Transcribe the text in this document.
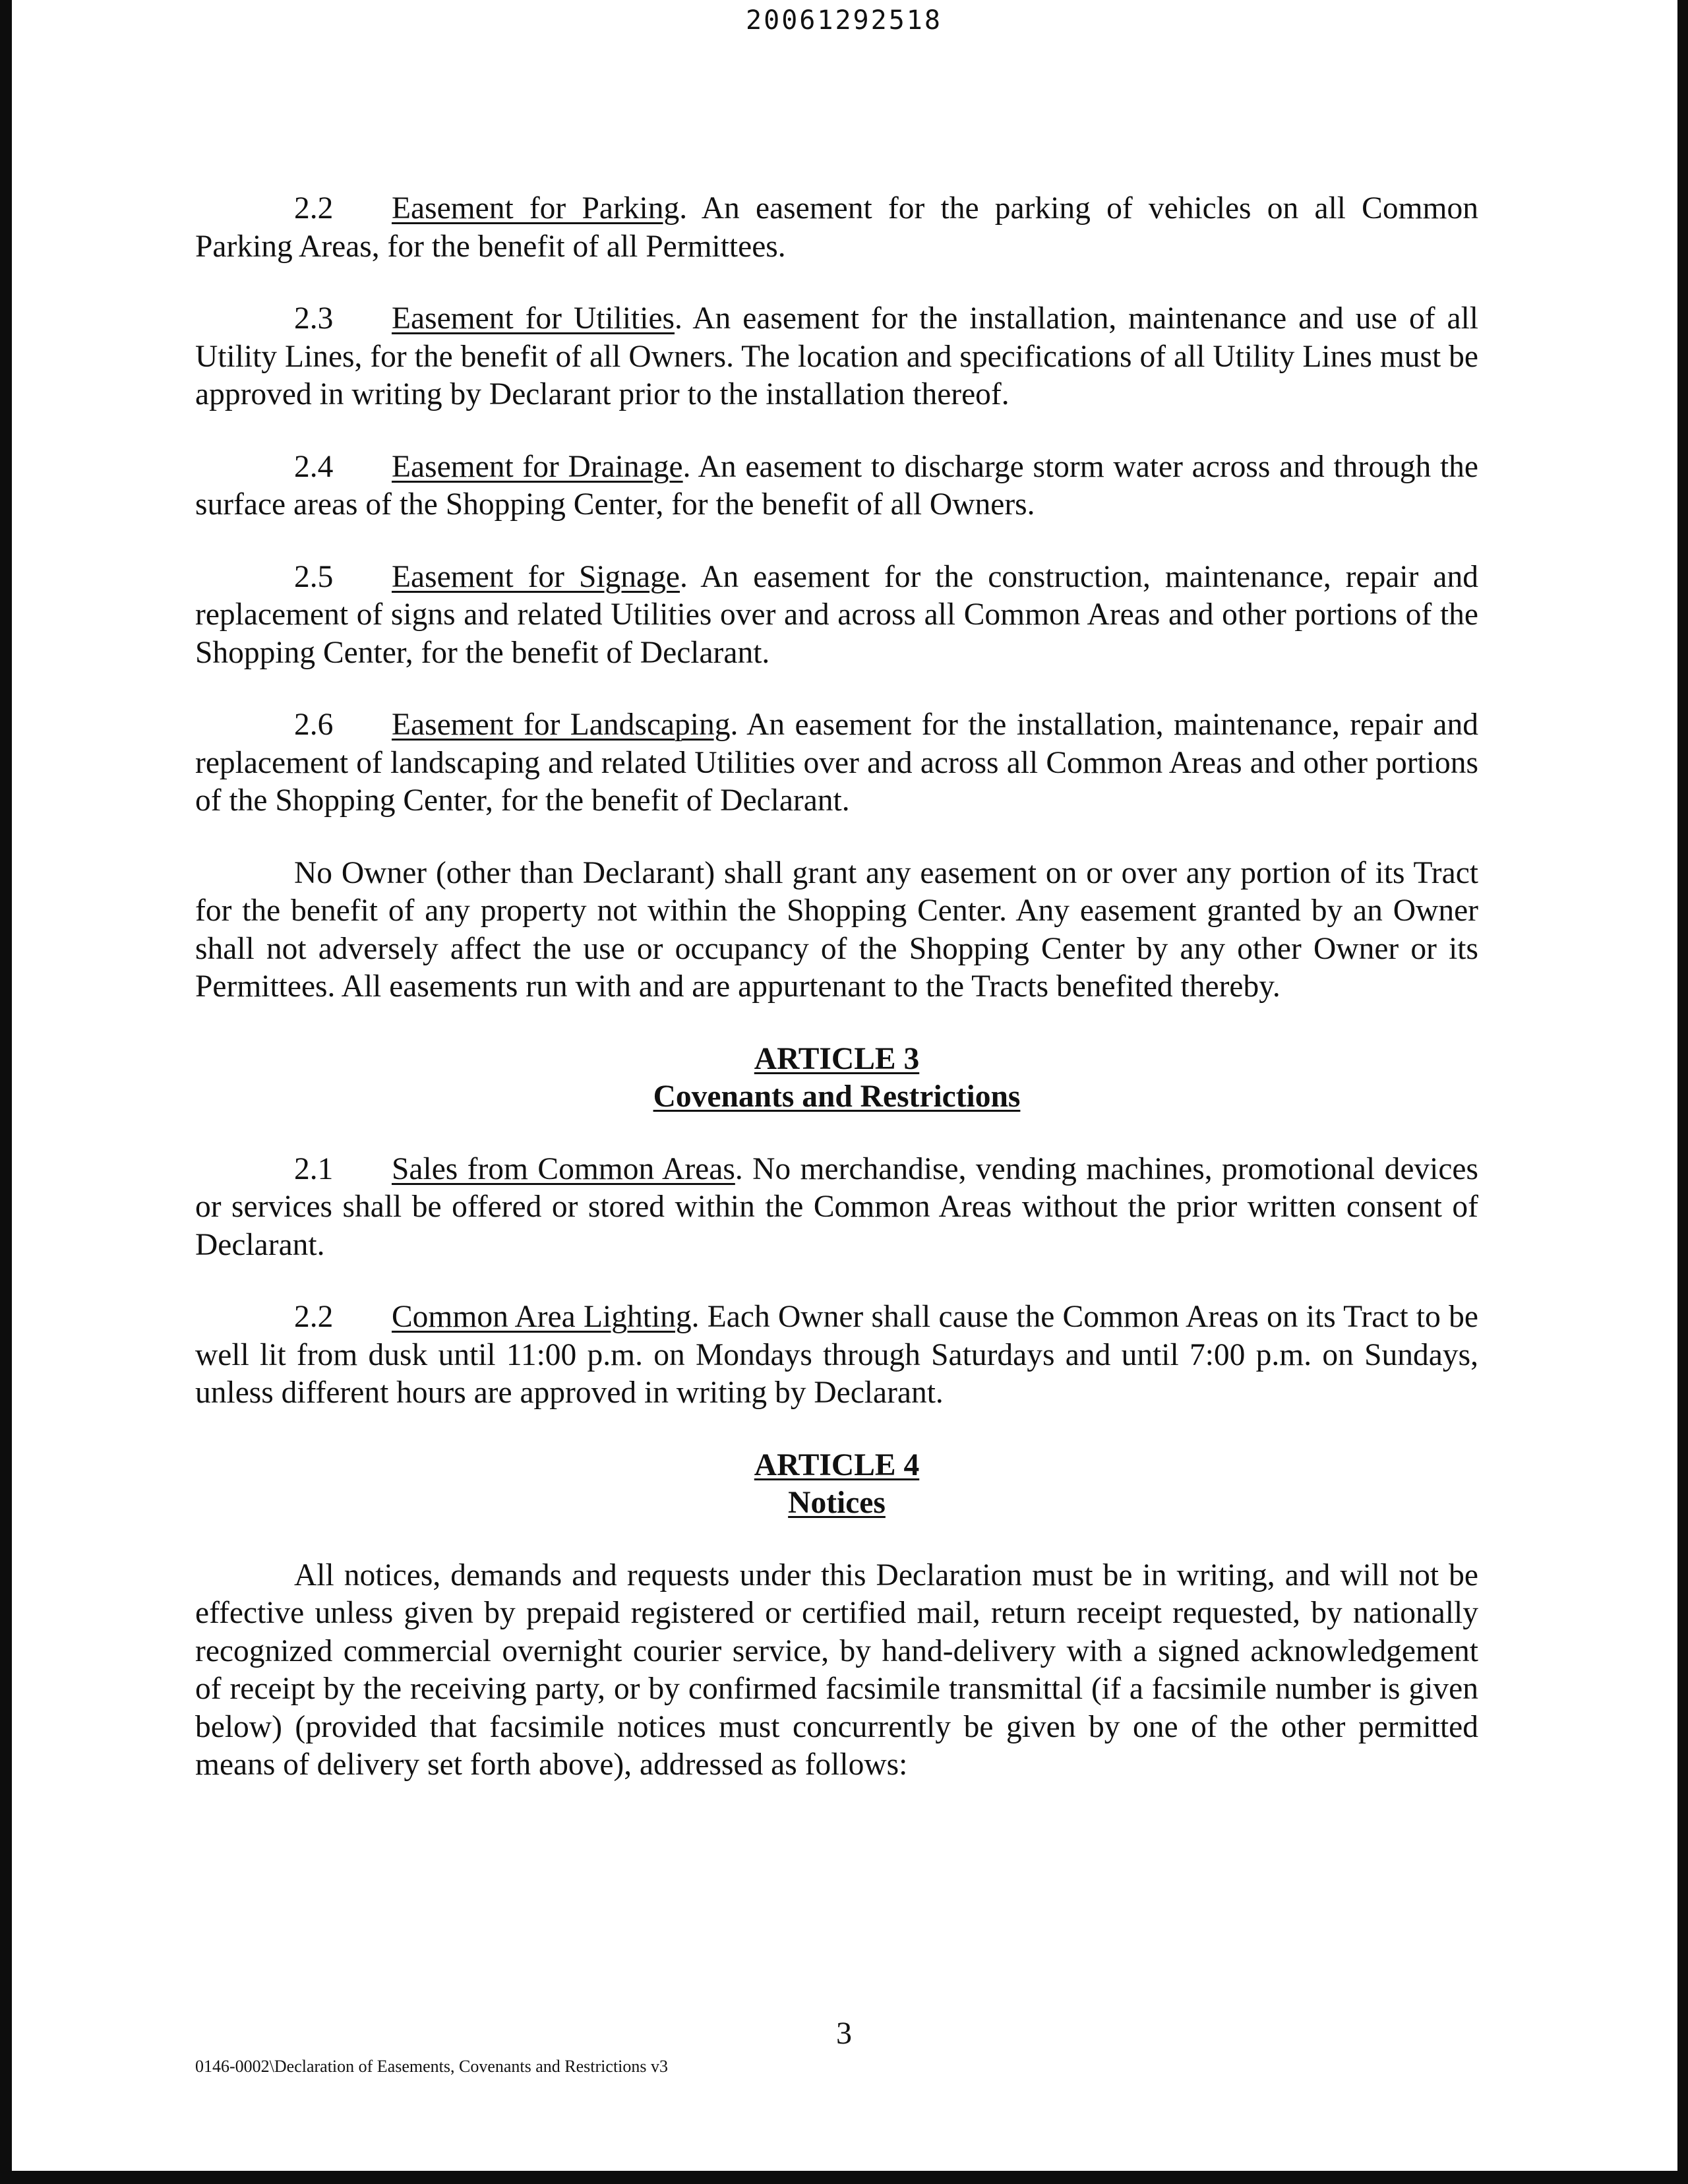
20061292518

2.2 Easement for Parking. An easement for the parking of vehicles on all Common Parking Areas, for the benefit of all Permittees.

2.3 Easement for Utilities. An easement for the installation, maintenance and use of all Utility Lines, for the benefit of all Owners. The location and specifications of all Utility Lines must be approved in writing by Declarant prior to the installation thereof.

2.4 Easement for Drainage. An easement to discharge storm water across and through the surface areas of the Shopping Center, for the benefit of all Owners.

2.5 Easement for Signage. An easement for the construction, maintenance, repair and replacement of signs and related Utilities over and across all Common Areas and other portions of the Shopping Center, for the benefit of Declarant.

2.6 Easement for Landscaping. An easement for the installation, maintenance, repair and replacement of landscaping and related Utilities over and across all Common Areas and other portions of the Shopping Center, for the benefit of Declarant.

No Owner (other than Declarant) shall grant any easement on or over any portion of its Tract for the benefit of any property not within the Shopping Center. Any easement granted by an Owner shall not adversely affect the use or occupancy of the Shopping Center by any other Owner or its Permittees. All easements run with and are appurtenant to the Tracts benefited thereby.

ARTICLE 3
Covenants and Restrictions

2.1 Sales from Common Areas. No merchandise, vending machines, promotional devices or services shall be offered or stored within the Common Areas without the prior written consent of Declarant.

2.2 Common Area Lighting. Each Owner shall cause the Common Areas on its Tract to be well lit from dusk until 11:00 p.m. on Mondays through Saturdays and until 7:00 p.m. on Sundays, unless different hours are approved in writing by Declarant.

ARTICLE 4
Notices

All notices, demands and requests under this Declaration must be in writing, and will not be effective unless given by prepaid registered or certified mail, return receipt requested, by nationally recognized commercial overnight courier service, by hand-delivery with a signed acknowledgement of receipt by the receiving party, or by confirmed facsimile transmittal (if a facsimile number is given below) (provided that facsimile notices must concurrently be given by one of the other permitted means of delivery set forth above), addressed as follows:

3
0146-0002\Declaration of Easements, Covenants and Restrictions v3
